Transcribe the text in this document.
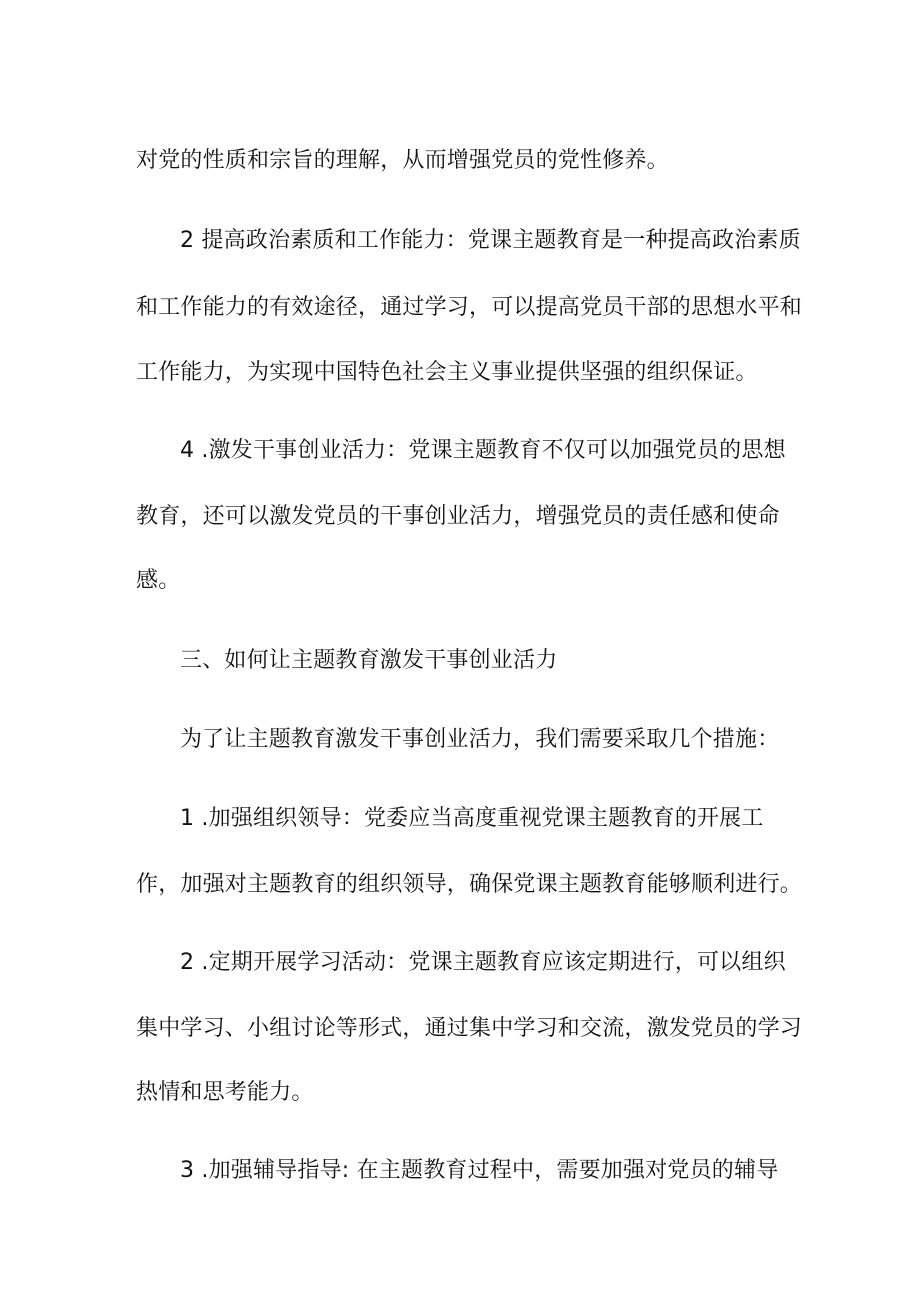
对党的性质和宗旨的理解，从而增强党员的党性修养。
2 提高政治素质和工作能力：党课主题教育是一种提高政治素质
和工作能力的有效途径，通过学习，可以提高党员干部的思想水平和
工作能力，为实现中国特色社会主义事业提供坚强的组织保证。
4 .激发干事创业活力：党课主题教育不仅可以加强党员的思想
教育，还可以激发党员的干事创业活力，增强党员的责任感和使命
感。
三、如何让主题教育激发干事创业活力
为了让主题教育激发干事创业活力，我们需要采取几个措施：
1 .加强组织领导：党委应当高度重视党课主题教育的开展工
作，加强对主题教育的组织领导，确保党课主题教育能够顺利进行。
2 .定期开展学习活动：党课主题教育应该定期进行，可以组织
集中学习、小组讨论等形式，通过集中学习和交流，激发党员的学习
热情和思考能力。
3 .加强辅导指导: 在主题教育过程中，需要加强对党员的辅导
